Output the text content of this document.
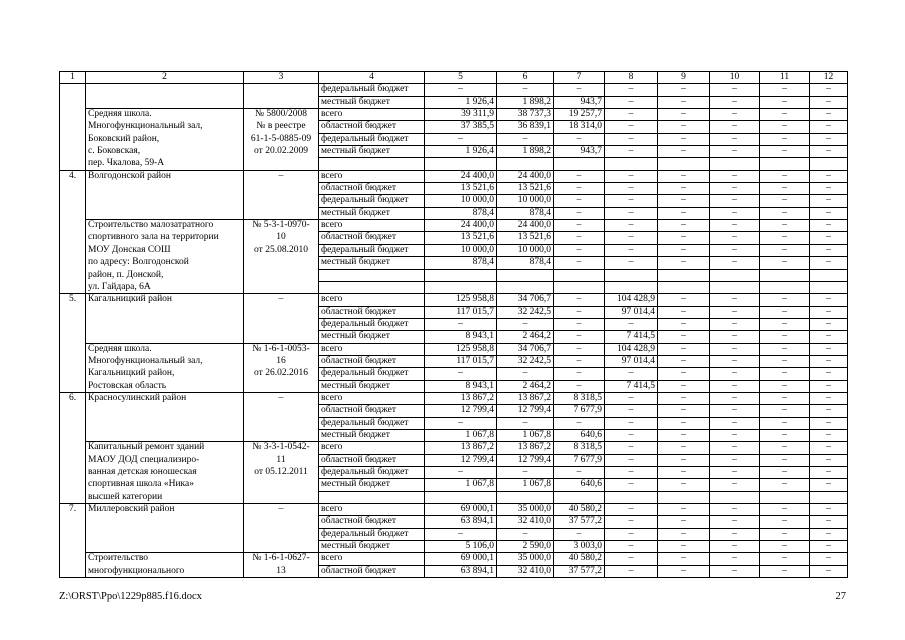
1	2	3	4	5	6	7	8	9	10	11	12
			федеральный бюджет	–	–	–	–	–	–	–	–
			местный бюджет	1 926,4	1 898,2	943,7	–	–	–	–	–
	Средняя школа.	№ 5800/2008	всего	39 311,9	38 737,3	19 257,7	–	–	–	–	–
	Многофункциональный зал,	№ в реестре	областной бюджет	37 385,5	36 839,1	18 314,0	–	–	–	–	–
	Боковский район,	61-1-5-0885-09	федеральный бюджет	–	–	–	–	–	–	–	–
	с. Боковская,	от 20.02.2009	местный бюджет	1 926,4	1 898,2	943,7	–	–	–	–	–
	пер. Чкалова, 59-А										
4.	Волгодонской район	–	всего	24 400,0	24 400,0	–	–	–	–	–	–
			областной бюджет	13 521,6	13 521,6	–	–	–	–	–	–
			федеральный бюджет	10 000,0	10 000,0	–	–	–	–	–	–
			местный бюджет	878,4	878,4	–	–	–	–	–	–
	Строительство малозатратного	№ 5-3-1-0970-	всего	24 400,0	24 400,0	–	–	–	–	–	–
	спортивного зала на территории	10	областной бюджет	13 521,6	13 521,6	–	–	–	–	–	–
	МОУ Донская СОШ	от 25.08.2010	федеральный бюджет	10 000,0	10 000,0	–	–	–	–	–	–
	по адресу: Волгодонской		местный бюджет	878,4	878,4	–	–	–	–	–	–
	район, п. Донской,										
	ул. Гайдара, 6А										
5.	Кагальницкий район	–	всего	125 958,8	34 706,7	–	104 428,9	–	–	–	–
			областной бюджет	117 015,7	32 242,5	–	97 014,4	–	–	–	–
			федеральный бюджет	–	–	–	–	–	–	–	–
			местный бюджет	8 943,1	2 464,2	–	7 414,5	–	–	–	–
	Средняя школа.	№ 1-6-1-0053-	всего	125 958,8	34 706,7	–	104 428,9	–	–	–	–
	Многофункциональный зал,	16	областной бюджет	117 015,7	32 242,5	–	97 014,4	–	–	–	–
	Кагальницкий район,	от 26.02.2016	федеральный бюджет	–	–	–	–	–	–	–	–
	Ростовская область		местный бюджет	8 943,1	2 464,2	–	7 414,5	–	–	–	–
6.	Красносулинский район	–	всего	13 867,2	13 867,2	8 318,5	–	–	–	–	–
			областной бюджет	12 799,4	12 799,4	7 677,9	–	–	–	–	–
			федеральный бюджет	–	–	–	–	–	–	–	–
			местный бюджет	1 067,8	1 067,8	640,6	–	–	–	–	–
	Капитальный ремонт зданий	№ 3-3-1-0542-	всего	13 867,2	13 867,2	8 318,5	–	–	–	–	–
	МАОУ ДОД специализиро-	11	областной бюджет	12 799,4	12 799,4	7 677,9	–	–	–	–	–
	ванная детская юношеская	от 05.12.2011	федеральный бюджет	–	–	–	–	–	–	–	–
	спортивная школа «Ника»		местный бюджет	1 067,8	1 067,8	640,6	–	–	–	–	–
	высшей категории										
7.	Миллеровский район	–	всего	69 000,1	35 000,0	40 580,2	–	–	–	–	–
			областной бюджет	63 894,1	32 410,0	37 577,2	–	–	–	–	–
			федеральный бюджет	–	–	–	–	–	–	–	–
			местный бюджет	5 106,0	2 590,0	3 003,0	–	–	–	–	–
	Строительство	№ 1-6-1-0627-	всего	69 000,1	35 000,0	40 580,2	–	–	–	–	–
	многофункционального	13	областной бюджет	63 894,1	32 410,0	37 577,2	–	–	–	–	–
Z:\ORST\Ppo\1229p885.f16.docx	27
